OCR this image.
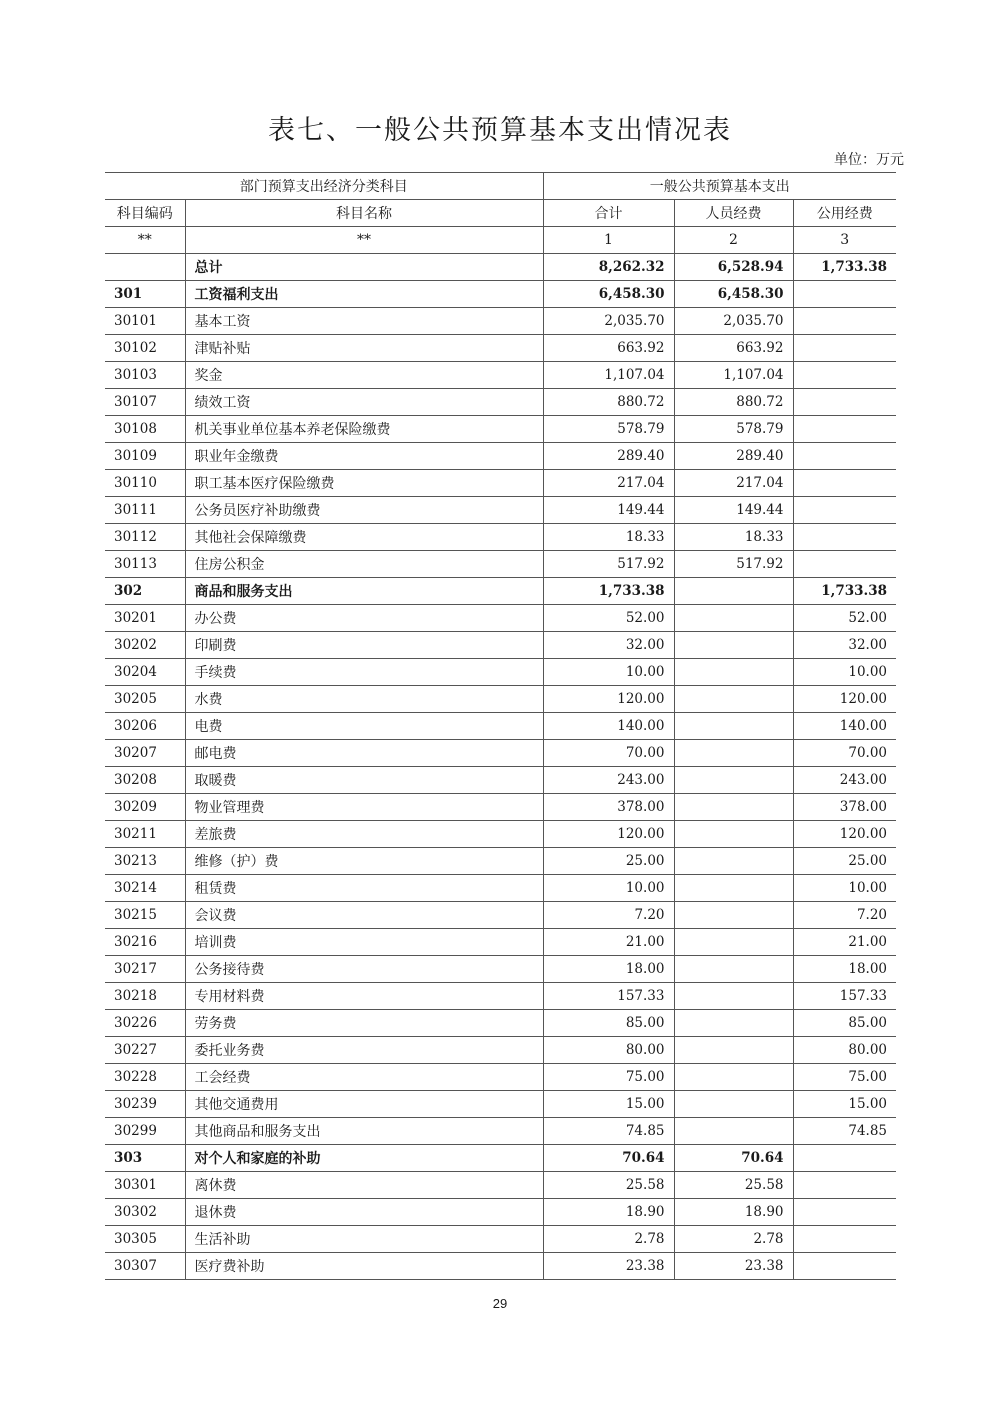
表七、一般公共预算基本支出情况表
单位：万元
部门预算支出经济分类科目		一般公共预算基本支出		
科目编码	科目名称	合计	人员经费	公用经费
**	**	1	2	3
	总计	8,262.32	6,528.94	1,733.38
301	工资福利支出	6,458.30	6,458.30	
30101	基本工资	2,035.70	2,035.70	
30102	津贴补贴	663.92	663.92	
30103	奖金	1,107.04	1,107.04	
30107	绩效工资	880.72	880.72	
30108	机关事业单位基本养老保险缴费	578.79	578.79	
30109	职业年金缴费	289.40	289.40	
30110	职工基本医疗保险缴费	217.04	217.04	
30111	公务员医疗补助缴费	149.44	149.44	
30112	其他社会保障缴费	18.33	18.33	
30113	住房公积金	517.92	517.92	
302	商品和服务支出	1,733.38		1,733.38
30201	办公费	52.00		52.00
30202	印刷费	32.00		32.00
30204	手续费	10.00		10.00
30205	水费	120.00		120.00
30206	电费	140.00		140.00
30207	邮电费	70.00		70.00
30208	取暖费	243.00		243.00
30209	物业管理费	378.00		378.00
30211	差旅费	120.00		120.00
30213	维修（护）费	25.00		25.00
30214	租赁费	10.00		10.00
30215	会议费	7.20		7.20
30216	培训费	21.00		21.00
30217	公务接待费	18.00		18.00
30218	专用材料费	157.33		157.33
30226	劳务费	85.00		85.00
30227	委托业务费	80.00		80.00
30228	工会经费	75.00		75.00
30239	其他交通费用	15.00		15.00
30299	其他商品和服务支出	74.85		74.85
303	对个人和家庭的补助	70.64	70.64	
30301	离休费	25.58	25.58	
30302	退休费	18.90	18.90	
30305	生活补助	2.78	2.78	
30307	医疗费补助	23.38	23.38	
29
